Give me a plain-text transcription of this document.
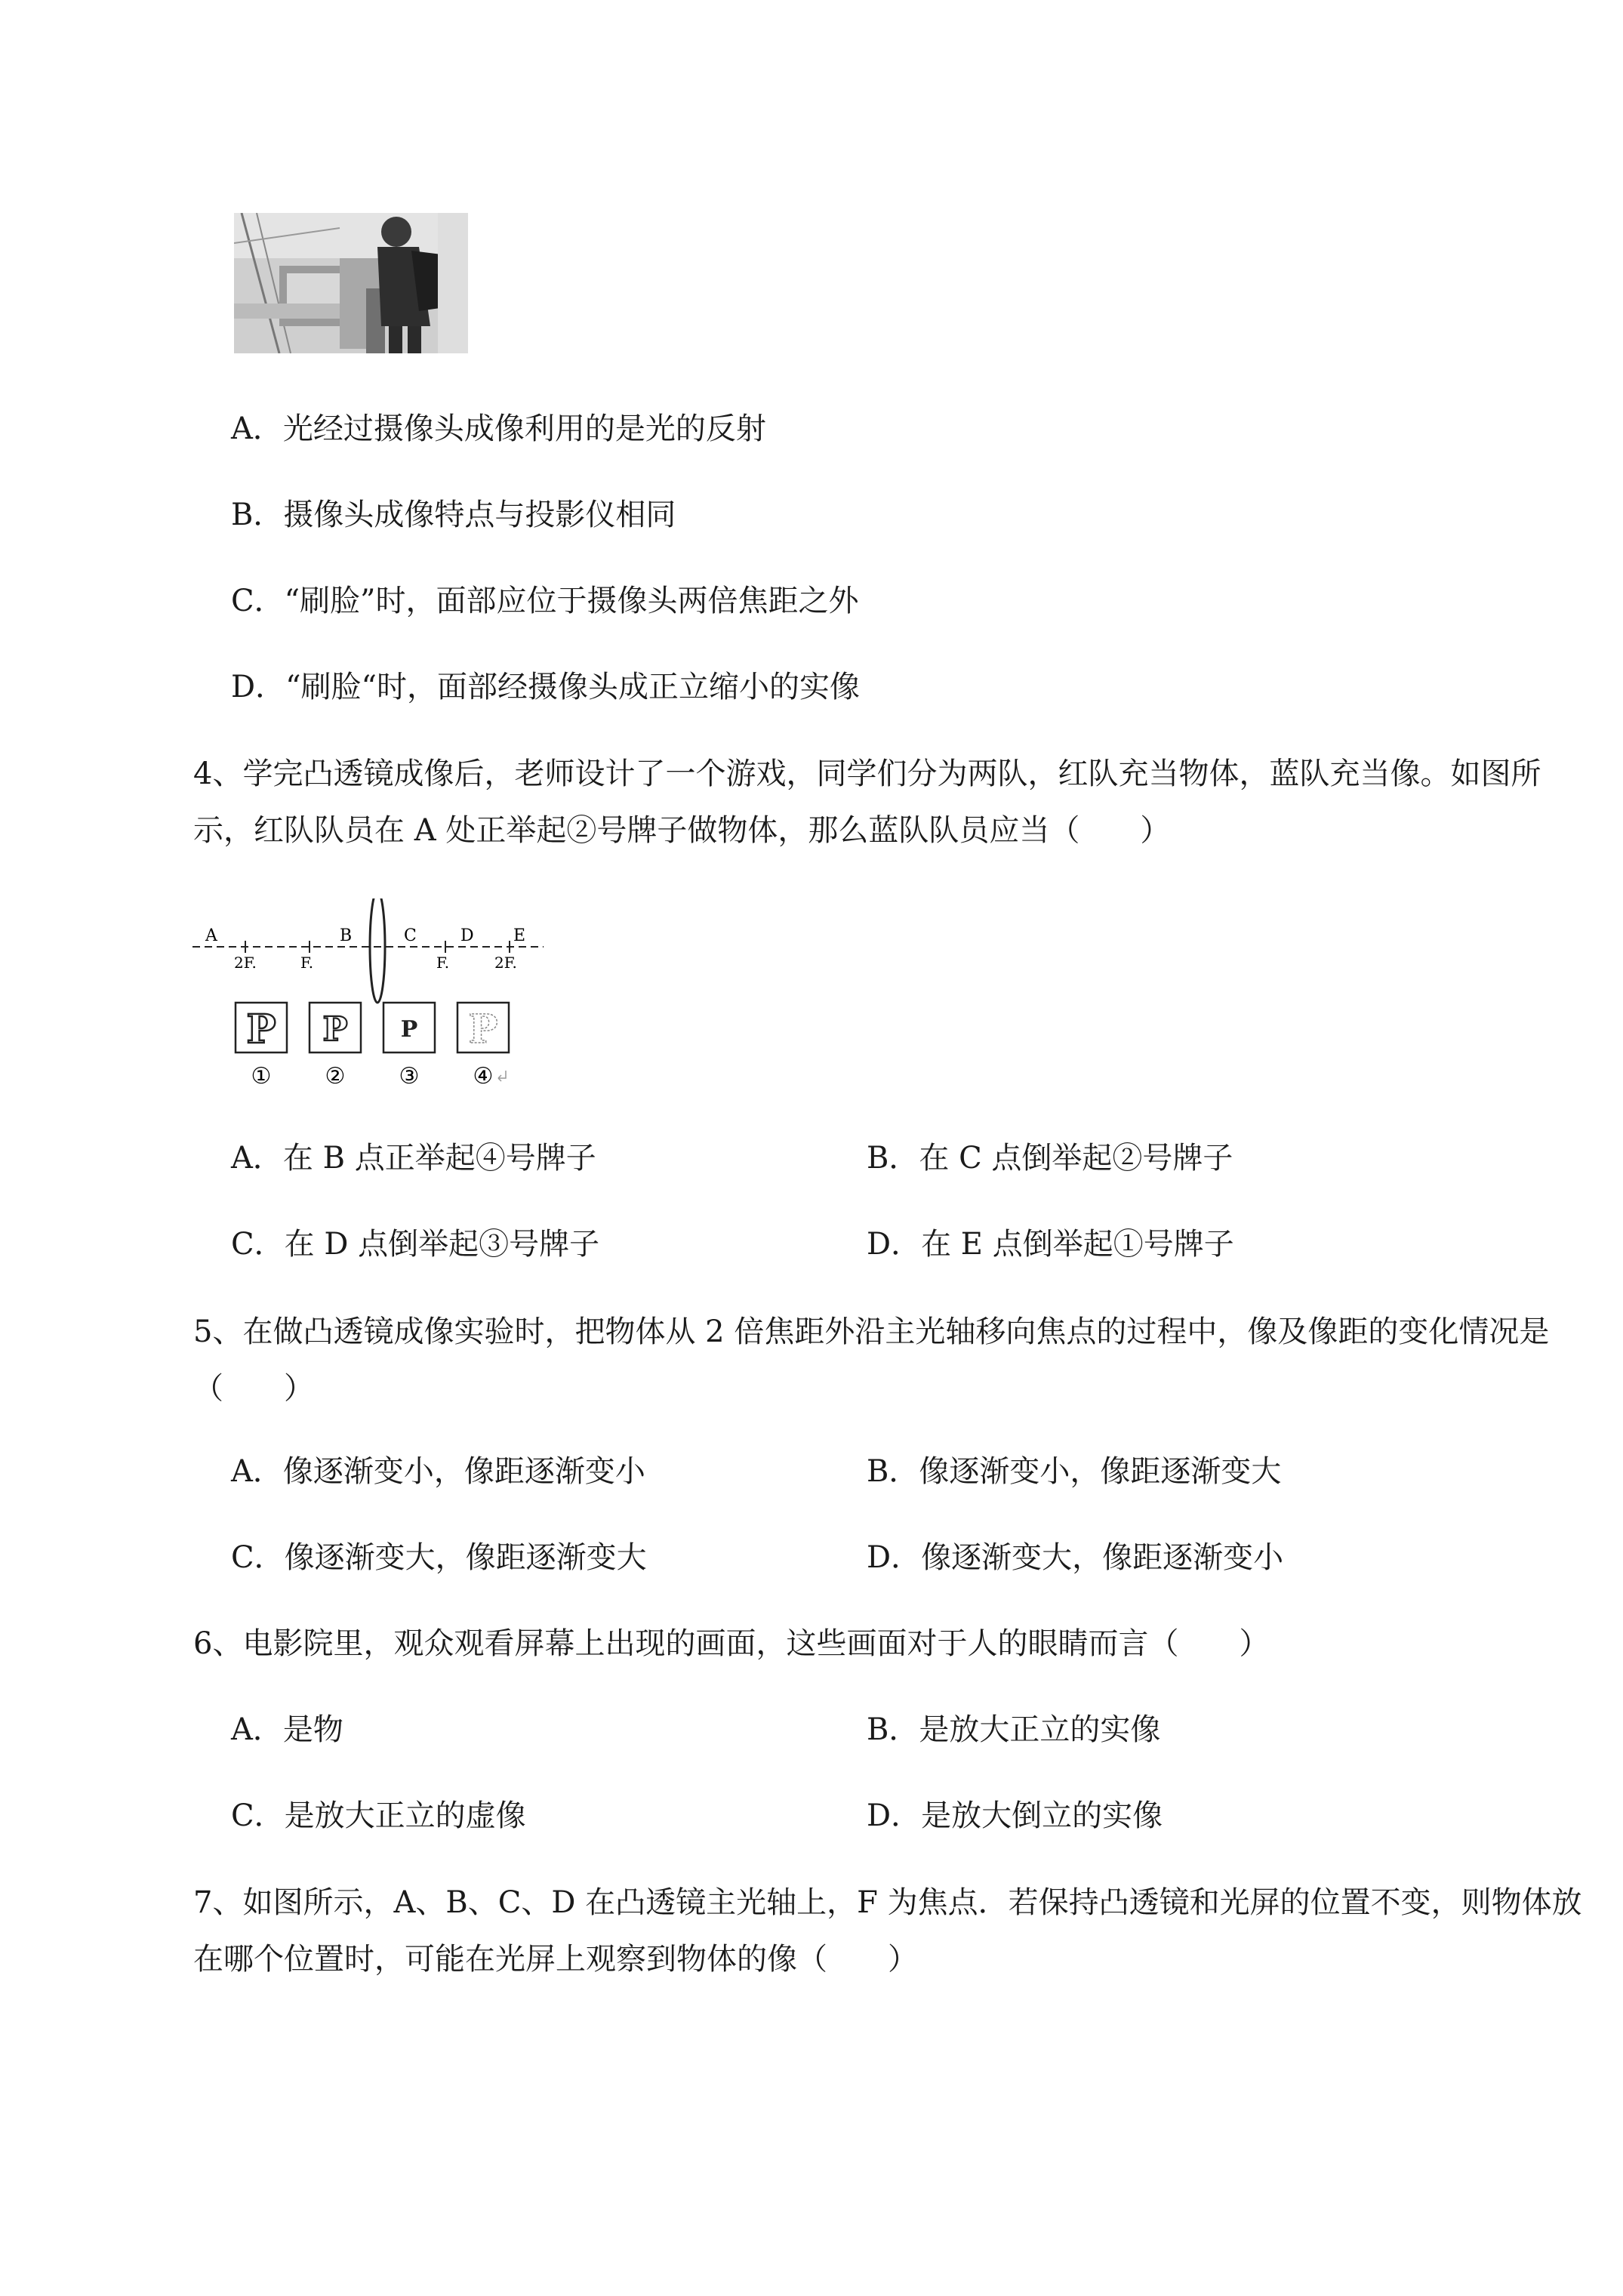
A．光经过摄像头成像利用的是光的反射
B．摄像头成像特点与投影仪相同
C．“刷脸”时，面部应位于摄像头两倍焦距之外
D．“刷脸“时，面部经摄像头成正立缩小的实像
4、学完凸透镜成像后，老师设计了一个游戏，同学们分为两队，红队充当物体，蓝队充当像。如图所
示，红队队员在 A 处正举起②号牌子做物体，那么蓝队队员应当（　　）
A	B	C	D E
2F.	F.	F.	2F.
P P P P
① ② ③ ④
A．在 B 点正举起④号牌子	B．在 C 点倒举起②号牌子
C．在 D 点倒举起③号牌子	D．在 E 点倒举起①号牌子
5、在做凸透镜成像实验时，把物体从 2 倍焦距外沿主光轴移向焦点的过程中，像及像距的变化情况是
（　　）
A．像逐渐变小，像距逐渐变小	B．像逐渐变小，像距逐渐变大
C．像逐渐变大，像距逐渐变大	D．像逐渐变大，像距逐渐变小
6、电影院里，观众观看屏幕上出现的画面，这些画面对于人的眼睛而言（　　）
A．是物	B．是放大正立的实像
C．是放大正立的虚像	D．是放大倒立的实像
7、如图所示，A、B、C、D 在凸透镜主光轴上，F 为焦点．若保持凸透镜和光屏的位置不变，则物体放
在哪个位置时，可能在光屏上观察到物体的像（　　）
